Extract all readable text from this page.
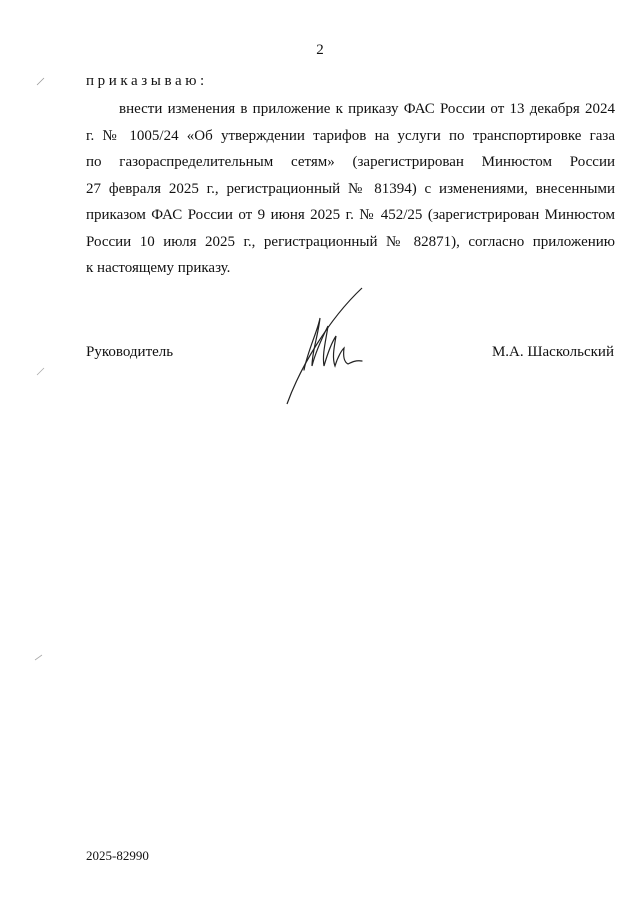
2
приказываю:
внести изменения в приложение к приказу ФАС России от 13 декабря 2024
г. № 1005/24 «Об утверждении тарифов на услуги по транспортировке газа
по газораспределительным сетям» (зарегистрирован Минюстом России
27 февраля 2025 г., регистрационный № 81394) с изменениями, внесенными
приказом ФАС России от 9 июня 2025 г. № 452/25 (зарегистрирован Минюстом
России 10 июля 2025 г., регистрационный № 82871), согласно приложению
к настоящему приказу.
Руководитель	М.А. Шаскольский
2025-82990
